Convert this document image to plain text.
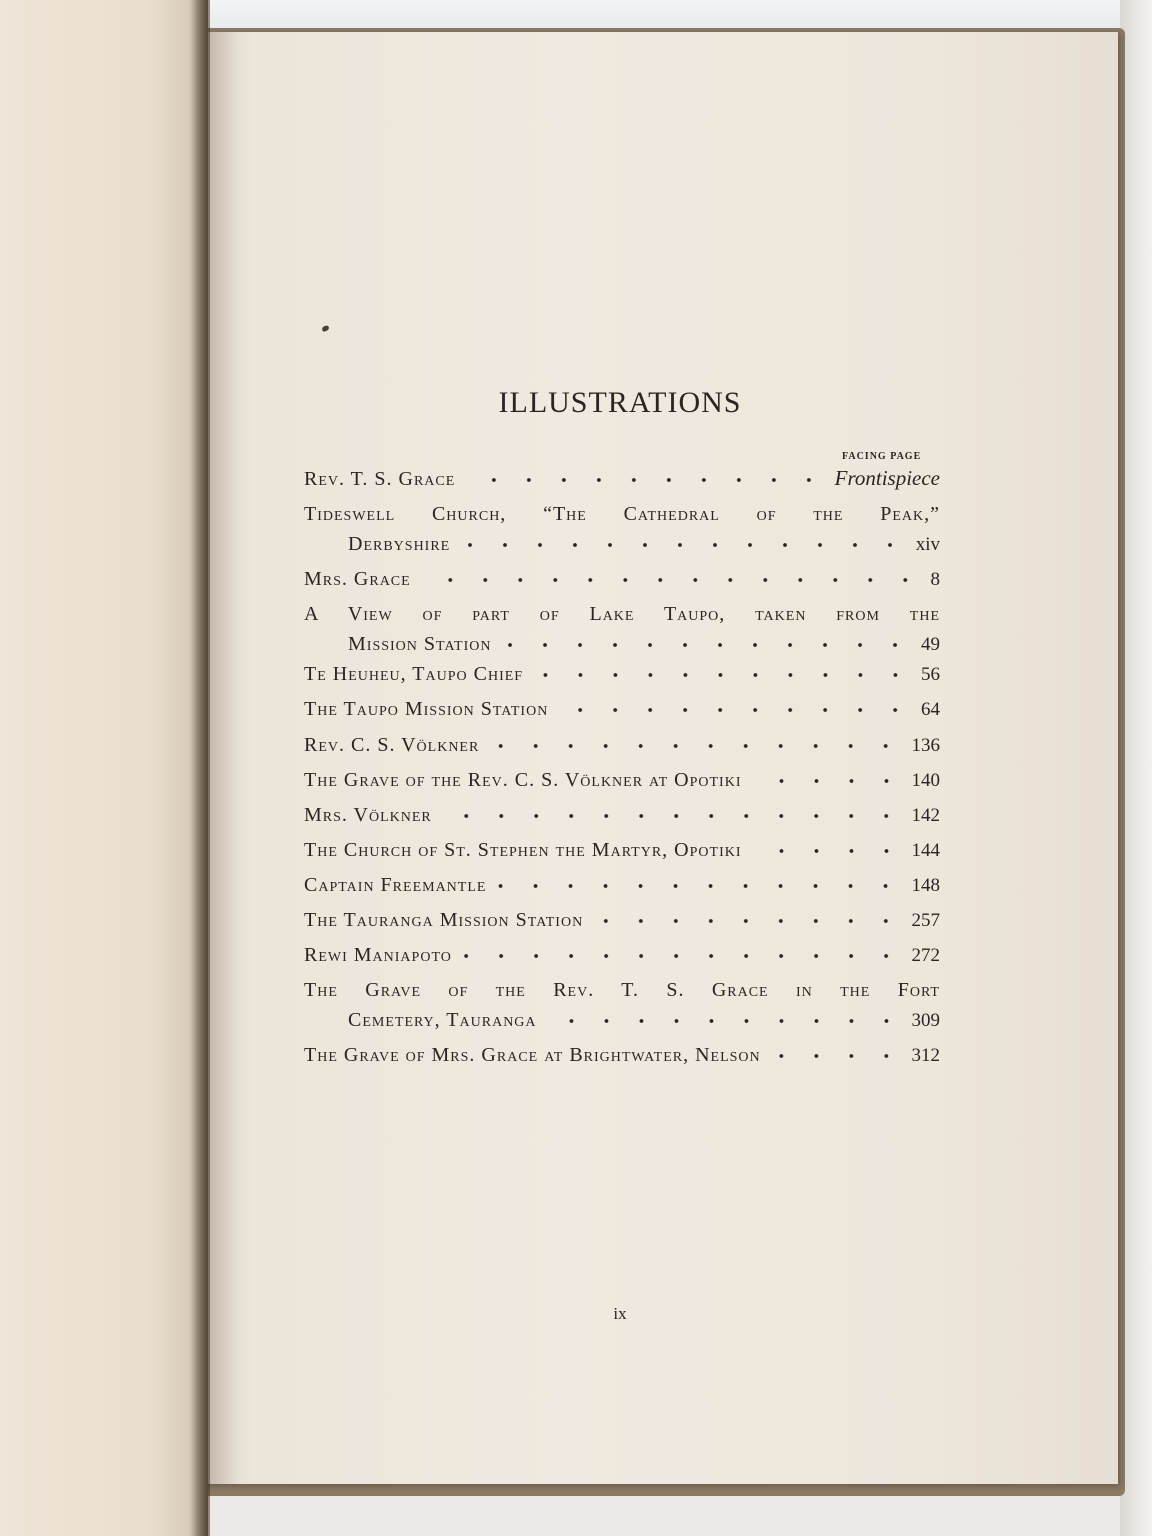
ILLUSTRATIONS
FACING PAGE
Rev. T. S. Grace	Frontispiece
Tideswell Church, “The Cathedral of the Peak,”
Derbyshire	xiv
Mrs. Grace	8
A View of part of Lake Taupo, taken from the
Mission Station	49
Te Heuheu, Taupo Chief	56
The Taupo Mission Station	64
Rev. C. S. Völkner	136
The Grave of the Rev. C. S. Völkner at Opotiki	140
Mrs. Völkner	142
The Church of St. Stephen the Martyr, Opotiki	144
Captain Freemantle	148
The Tauranga Mission Station	257
Rewi Maniapoto	272
The Grave of the Rev. T. S. Grace in the Fort
Cemetery, Tauranga	309
The Grave of Mrs. Grace at Brightwater, Nelson	312
ix
